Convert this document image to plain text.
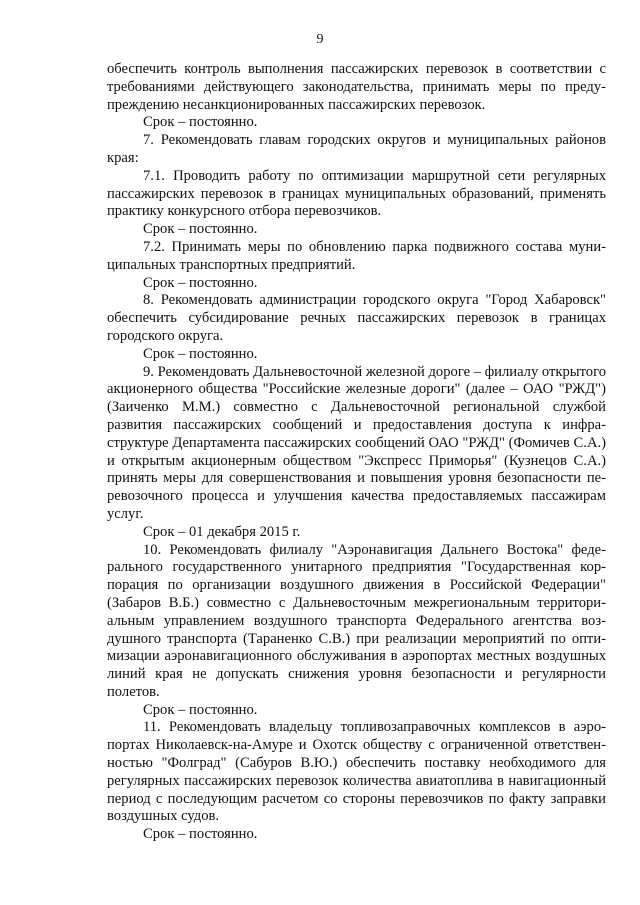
9

обеспечить контроль выполнения пассажирских перевозок в соответствии с требованиями действующего законодательства, принимать меры по предупреждению несанкционированных пассажирских перевозок.

Срок – постоянно.

7. Рекомендовать главам городских округов и муниципальных районов края:

7.1. Проводить работу по оптимизации маршрутной сети регулярных пассажирских перевозок в границах муниципальных образований, применять практику конкурсного отбора перевозчиков.

Срок – постоянно.

7.2. Принимать меры по обновлению парка подвижного состава муниципальных транспортных предприятий.

Срок – постоянно.

8. Рекомендовать администрации городского округа "Город Хабаровск" обеспечить субсидирование речных пассажирских перевозок в границах городского округа.

Срок – постоянно.

9. Рекомендовать Дальневосточной железной дороге – филиалу открытого акционерного общества "Российские железные дороги" (далее – ОАО "РЖД") (Заиченко М.М.) совместно с Дальневосточной региональной службой развития пассажирских сообщений и предоставления доступа к инфраструктуре Департамента пассажирских сообщений ОАО "РЖД" (Фомичев С.А.) и открытым акционерным обществом "Экспресс Приморья" (Кузнецов С.А.) принять меры для совершенствования и повышения уровня безопасности перевозочного процесса и улучшения качества предоставляемых пассажирам услуг.

Срок – 01 декабря 2015 г.

10. Рекомендовать филиалу "Аэронавигация Дальнего Востока" федерального государственного унитарного предприятия "Государственная корпорация по организации воздушного движения в Российской Федерации" (Забаров В.Б.) совместно с Дальневосточным межрегиональным территориальным управлением воздушного транспорта Федерального агентства воздушного транспорта (Тараненко С.В.) при реализации мероприятий по оптимизации аэронавигационного обслуживания в аэропортах местных воздушных линий края не допускать снижения уровня безопасности и регулярности полетов.

Срок – постоянно.

11. Рекомендовать владельцу топливозаправочных комплексов в аэропортах Николаевск-на-Амуре и Охотск обществу с ограниченной ответственностью "Фолград" (Сабуров В.Ю.) обеспечить поставку необходимого для регулярных пассажирских перевозок количества авиатоплива в навигационный период с последующим расчетом со стороны перевозчиков по факту заправки воздушных судов.

Срок – постоянно.
